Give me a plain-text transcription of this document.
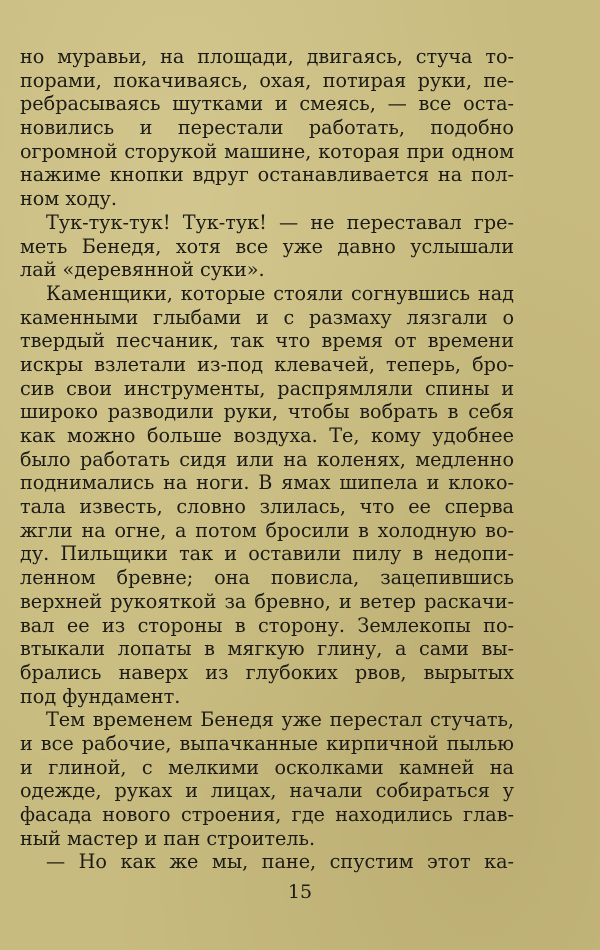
но муравьи, на площади, двигаясь, стуча то-
порами, покачиваясь, охая, потирая руки, пе-
ребрасываясь шутками и смеясь, — все оста-
новились и перестали работать, подобно
огромной сторукой машине, которая при одном
нажиме кнопки вдруг останавливается на пол-
ном ходу.
Тук-тук-тук! Тук-тук! — не переставал гре-
меть Бенедя, хотя все уже давно услышали
лай «деревянной суки».
Каменщики, которые стояли согнувшись над
каменными глыбами и с размаху лязгали о
твердый песчаник, так что время от времени
искры взлетали из-под клевачей, теперь, бро-
сив свои инструменты, распрямляли спины и
широко разводили руки, чтобы вобрать в себя
как можно больше воздуха. Те, кому удобнее
было работать сидя или на коленях, медленно
поднимались на ноги. В ямах шипела и клоко-
тала известь, словно злилась, что ее сперва
жгли на огне, а потом бросили в холодную во-
ду. Пильщики так и оставили пилу в недопи-
ленном бревне; она повисла, зацепившись
верхней рукояткой за бревно, и ветер раскачи-
вал ее из стороны в сторону. Землекопы по-
втыкали лопаты в мягкую глину, а сами вы-
брались наверх из глубоких рвов, вырытых
под фундамент.
Тем временем Бенедя уже перестал стучать,
и все рабочие, выпачканные кирпичной пылью
и глиной, с мелкими осколками камней на
одежде, руках и лицах, начали собираться у
фасада нового строения, где находились глав-
ный мастер и пан строитель.
— Но как же мы, пане, спустим этот ка-
15
